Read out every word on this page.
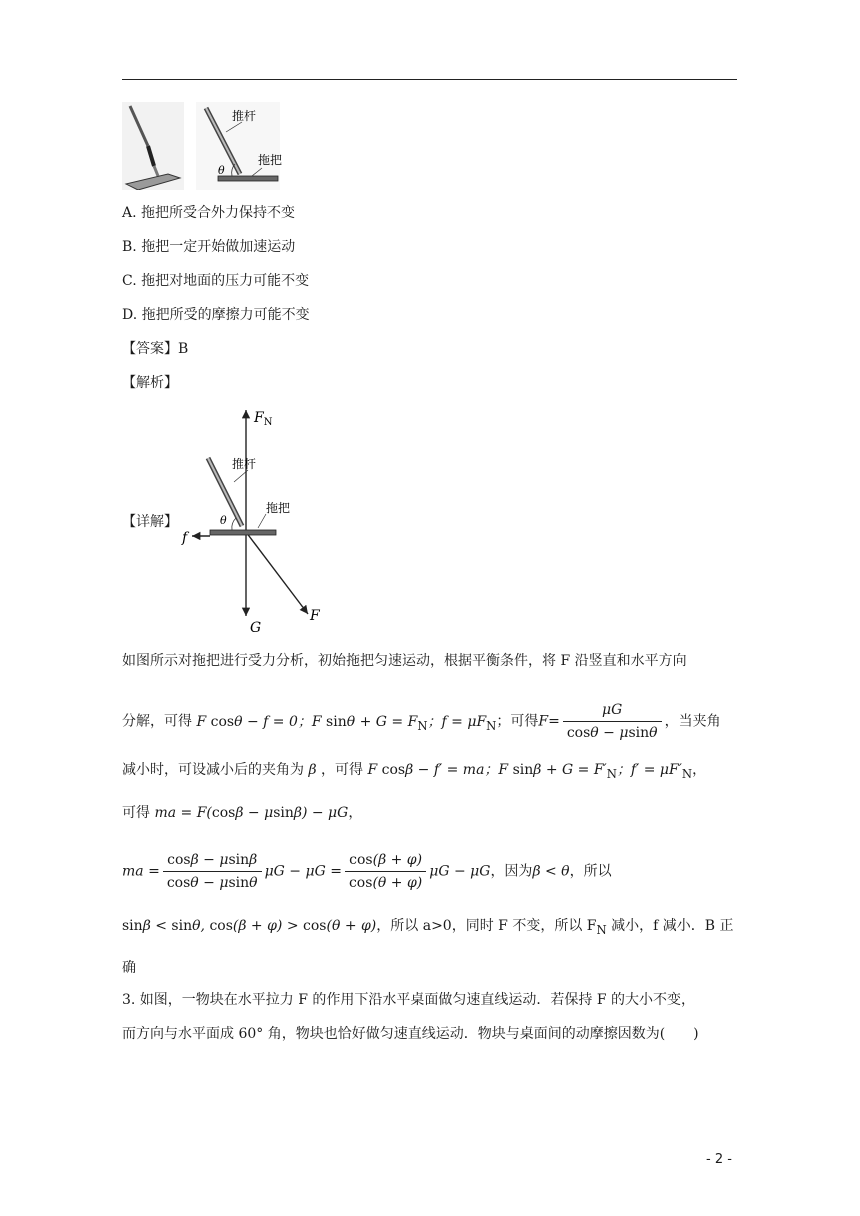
推杆
拖把
θ
A. 拖把所受合外力保持不变
B. 拖把一定开始做加速运动
C. 拖把对地面的压力可能不变
D. 拖把所受的摩擦力可能不变
【答案】B
【解析】
【详解】
$F_N$
推杆
拖把
θ
f
G
F
如图所示对拖把进行受力分析，初始拖把匀速运动，根据平衡条件，将 F 沿竖直和水平方向
分解，可得 F cosθ − f = 0；F $\sin\theta + G = F_N$；$f = \mu F_N$；可得$F= \frac{\mu G}{\cos\theta - \mu\sin\theta}$ ，当夹角
减小时，可设减小后的夹角为 β ，可得 F cosβ − f′ = ma；F $\sin\beta + G = F'_N$；$f' = \mu F'_N$，
可得 ma = F(cosβ − μsinβ) − μG，
ma = $\frac{\cos\beta - \mu\sin\beta}{\cos\theta - \mu\sin\theta}$ $\mu G - \mu G = \frac{\cos(\beta + \varphi)}{\cos(\theta + \varphi)}$ μG − μG，因为β < θ，所以
sinβ < sinθ, cos(β + φ) > cos(θ + φ)，所以 a>0，同时 F 不变，所以 $F_N$ 减小，f 减小．B 正
确
3. 如图，一物块在水平拉力 F 的作用下沿水平桌面做匀速直线运动．若保持 F 的大小不变，
而方向与水平面成 60° 角，物块也恰好做匀速直线运动．物块与桌面间的动摩擦因数为(　　)
- 2 -
